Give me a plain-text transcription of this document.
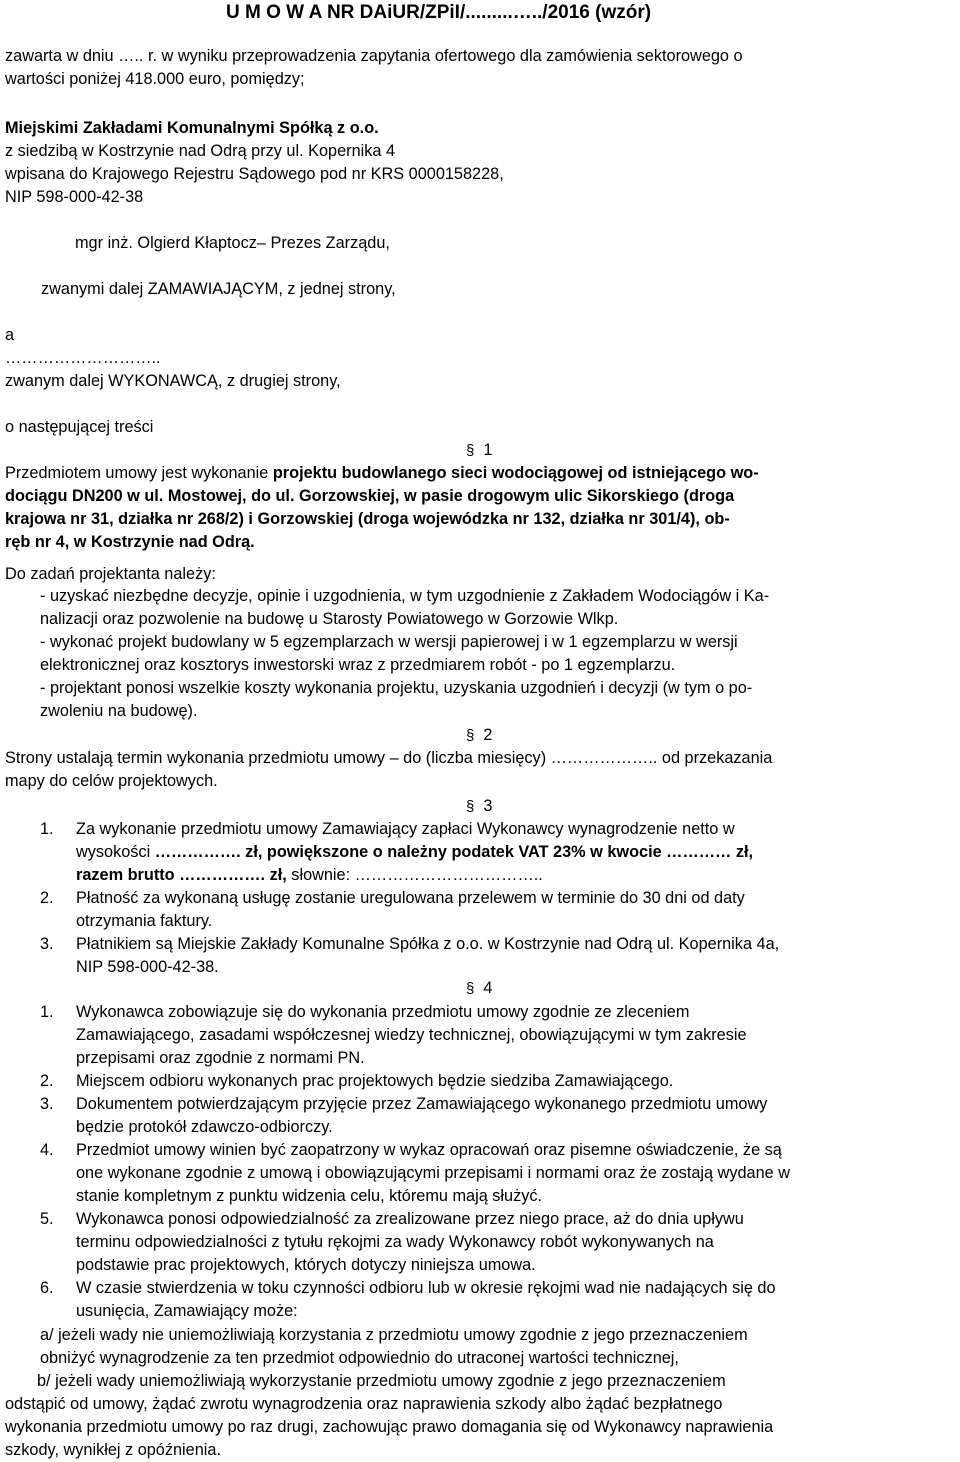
U M O W A NR DAiUR/ZPiI/.........…../2016 (wzór)
zawarta w dniu ….. r. w wyniku przeprowadzenia zapytania ofertowego dla zamówienia sektorowego o
wartości poniżej 418.000 euro, pomiędzy;
Miejskimi Zakładami Komunalnymi Spółką z o.o.
z siedzibą w Kostrzynie nad Odrą przy ul. Kopernika 4
wpisana do Krajowego Rejestru Sądowego pod nr KRS 0000158228,
NIP 598-000-42-38
mgr inż. Olgierd Kłaptocz– Prezes Zarządu,
zwanymi dalej ZAMAWIAJĄCYM, z jednej strony,
a
………………………..
zwanym dalej WYKONAWCĄ, z drugiej strony,
o następującej treści
§ 1
Przedmiotem umowy jest wykonanie projektu budowlanego sieci wodociągowej od istniejącego wo-
dociągu DN200 w ul. Mostowej, do ul. Gorzowskiej, w pasie drogowym ulic Sikorskiego (droga
krajowa nr 31, działka nr 268/2) i Gorzowskiej (droga wojewódzka nr 132, działka nr 301/4), ob-
ręb nr 4, w Kostrzynie nad Odrą.
Do zadań projektanta należy:
- uzyskać niezbędne decyzje, opinie i uzgodnienia, w tym uzgodnienie z Zakładem Wodociągów i Ka-
nalizacji oraz pozwolenie na budowę u Starosty Powiatowego w Gorzowie Wlkp.
- wykonać projekt budowlany w 5 egzemplarzach w wersji papierowej i w 1 egzemplarzu w wersji
elektronicznej oraz kosztorys inwestorski wraz z przedmiarem robót - po 1 egzemplarzu.
- projektant ponosi wszelkie koszty wykonania projektu, uzyskania uzgodnień i decyzji (w tym o po-
zwoleniu na budowę).
§ 2
Strony ustalają termin wykonania przedmiotu umowy – do (liczba miesięcy) ……………….. od przekazania
mapy do celów projektowych.
§ 3
1. Za wykonanie przedmiotu umowy Zamawiający zapłaci Wykonawcy wynagrodzenie netto w
wysokości ……………. zł, powiększone o należny podatek VAT 23% w kwocie ………… zł,
razem brutto ……………. zł, słownie: ……………………………..
2. Płatność za wykonaną usługę zostanie uregulowana przelewem w terminie do 30 dni od daty
otrzymania faktury.
3. Płatnikiem są Miejskie Zakłady Komunalne Spółka z o.o. w Kostrzynie nad Odrą ul. Kopernika 4a,
NIP 598-000-42-38.
§ 4
1. Wykonawca zobowiązuje się do wykonania przedmiotu umowy zgodnie ze zleceniem
Zamawiającego, zasadami współczesnej wiedzy technicznej, obowiązującymi w tym zakresie
przepisami oraz zgodnie z normami PN.
2. Miejscem odbioru wykonanych prac projektowych będzie siedziba Zamawiającego.
3. Dokumentem potwierdzającym przyjęcie przez Zamawiającego wykonanego przedmiotu umowy
będzie protokół zdawczo-odbiorczy.
4. Przedmiot umowy winien być zaopatrzony w wykaz opracowań oraz pisemne oświadczenie, że są
one wykonane zgodnie z umową i obowiązującymi przepisami i normami oraz że zostają wydane w
stanie kompletnym z punktu widzenia celu, któremu mają służyć.
5. Wykonawca ponosi odpowiedzialność za zrealizowane przez niego prace, aż do dnia upływu
terminu odpowiedzialności z tytułu rękojmi za wady Wykonawcy robót wykonywanych na
podstawie prac projektowych, których dotyczy niniejsza umowa.
6. W czasie stwierdzenia w toku czynności odbioru lub w okresie rękojmi wad nie nadających się do
usunięcia, Zamawiający może:
a/ jeżeli wady nie uniemożliwiają korzystania z przedmiotu umowy zgodnie z jego przeznaczeniem
obniżyć wynagrodzenie za ten przedmiot odpowiednio do utraconej wartości technicznej,
b/ jeżeli wady uniemożliwiają wykorzystanie przedmiotu umowy zgodnie z jego przeznaczeniem
odstąpić od umowy, żądać zwrotu wynagrodzenia oraz naprawienia szkody albo żądać bezpłatnego
wykonania przedmiotu umowy po raz drugi, zachowując prawo domagania się od Wykonawcy naprawienia
szkody, wynikłej z opóźnienia.
